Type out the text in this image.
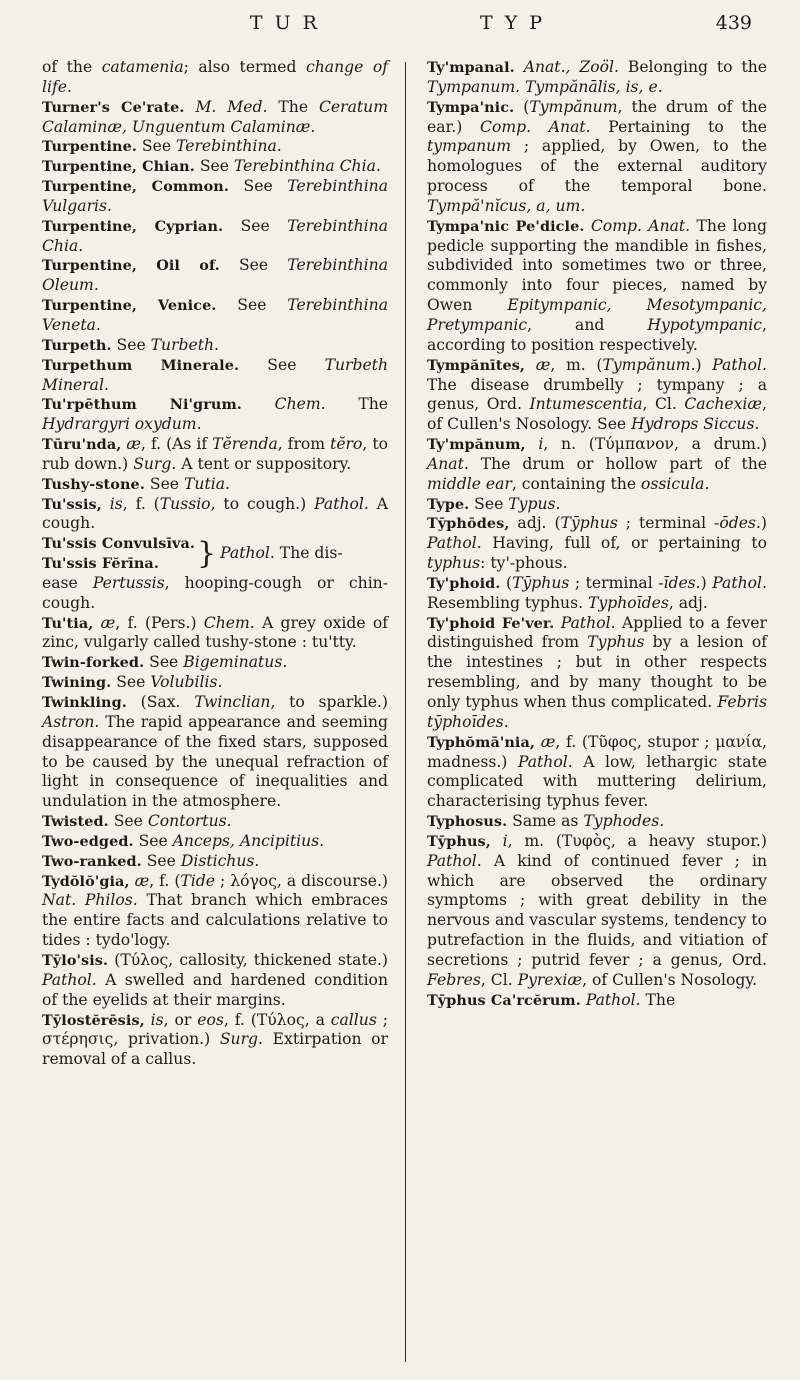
T U R	T Y P	439

of the catamenia; also termed change of life.

Turner's Ce'rate. M. Med. The Ceratum Calaminæ, Unguentum Calaminæ.

Turpentine. See Terebinthina.

Turpentine, Chian. See Terebinthina Chia.

Turpentine, Common. See Terebinthina Vulgaris.

Turpentine, Cyprian. See Terebinthina Chia.

Turpentine, Oil of. See Terebinthina Oleum.

Turpentine, Venice. See Terebinthina Veneta.

Turpeth. See Turbeth.

Turpethum Minerale. See Turbeth Mineral.

Tu'rpēthum Ni'grum. Chem. The Hydrargyri oxydum.

Tūru'nda, æ, f. (As if Tĕrenda, from tĕro, to rub down.) Surg. A tent or suppository.

Tushy-stone. See Tutia.

Tu'ssis, is, f. (Tussio, to cough.) Pathol. A cough.

Tu'ssis Convulsīva.

Tu'ssis Fĕrīna.	} Pathol. The dis-

ease Pertussis, hooping-cough or chin-cough.

Tu'tia, æ, f. (Pers.) Chem. A grey oxide of zinc, vulgarly called tushy-stone : tu'tty.

Twin-forked. See Bigeminatus.

Twining. See Volubilis.

Twinkling. (Sax. Twinclian, to sparkle.) Astron. The rapid appearance and seeming disappearance of the fixed stars, supposed to be caused by the unequal refraction of light in consequence of inequalities and undulation in the atmosphere.

Twisted. See Contortus.

Two-edged. See Anceps, Ancipitius.

Two-ranked. See Distichus.

Tydŏlŏ'gia, æ, f. (Tide ; λόγος, a discourse.) Nat. Philos. That branch which embraces the entire facts and calculations relative to tides : tydo'logy.

Tȳlo'sis. (Τύλος, callosity, thickened state.) Pathol. A swelled and hardened condition of the eyelids at their margins.

Tȳlostĕrēsis, is, or eos, f. (Τύλος, a callus ; στέρησις, privation.) Surg. Extirpation or removal of a callus.

Ty'mpanal. Anat., Zoöl. Belonging to the Tympanum. Tympănālis, is, e.

Tympa'nic. (Tympănum, the drum of the ear.) Comp. Anat. Pertaining to the tympanum ; applied, by Owen, to the homologues of the external auditory process of the temporal bone. Tympă'nĭcus, a, um.

Tympa'nic Pe'dicle. Comp. Anat. The long pedicle supporting the mandible in fishes, subdivided into sometimes two or three, commonly into four pieces, named by Owen Epitympanic, Mesotympanic, Pretympanic, and Hypotympanic, according to position respectively.

Tympănītes, æ, m. (Tympănum.) Pathol. The disease drumbelly ; tympany ; a genus, Ord. Intumescentia, Cl. Cachexiæ, of Cullen's Nosology. See Hydrops Siccus.

Ty'mpănum, i, n. (Τύμπανον, a drum.) Anat. The drum or hollow part of the middle ear, containing the ossicula.

Type. See Typus.

Tȳphōdes, adj. (Tȳphus ; terminal -ōdes.) Pathol. Having, full of, or pertaining to typhus: ty'-phous.

Ty'phoid. (Tȳphus ; terminal -īdes.) Pathol. Resembling typhus. Typhoīdes, adj.

Ty'phoid Fe'ver. Pathol. Applied to a fever distinguished from Typhus by a lesion of the intestines ; but in other respects resembling, and by many thought to be only typhus when thus complicated. Febris tȳphoīdes.

Typhŏmā'nia, æ, f. (Τῦφος, stupor ; μανία, madness.) Pathol. A low, lethargic state complicated with muttering delirium, characterising typhus fever.

Typhosus. Same as Typhodes.

Tȳphus, i, m. (Τυφὸς, a heavy stupor.) Pathol. A kind of continued fever ; in which are observed the ordinary symptoms ; with great debility in the nervous and vascular systems, tendency to putrefaction in the fluids, and vitiation of secretions ; putrid fever ; a genus, Ord. Febres, Cl. Pyrexiæ, of Cullen's Nosology.

Tȳphus Ca'rcĕrum. Pathol. The
